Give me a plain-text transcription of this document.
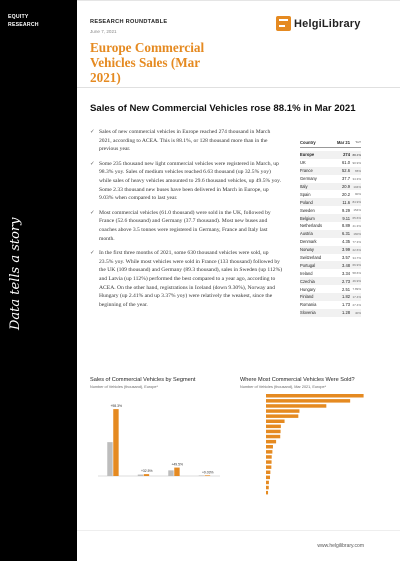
EQUITY
RESEARCH
Data tells a story
RESEARCH ROUNDTABLE
June 7, 2021
Europe Commercial Vehicles Sales (Mar 2021)
HelgiLibrary
Sales of New Commercial Vehicles rose 88.1% in Mar 2021
✓ Sales of new commercial vehicles in Europe reached 274 thousand in March 2021, according to ACEA. This is 88.1%, or 128 thousand more than in the previous year.
✓ Some 235 thousand new light commercial vehicles were registered in March, up 98.3% yoy. Sales of medium vehicles reached 6.63 thousand (up 32.5% yoy) while sales of heavy vehicles amounted to 29.6 thousand vehicles, up 49.5% yoy. Some 2.33 thousand new buses have been delivered in March in Europe, up 9.03% when compared to last year.
✓ Most commercial vehicles (61.0 thousand) were sold in the UK, followed by France (52.6 thousand) and Germany (37.7 thousand). Most new buses and coaches above 3.5 tonnes were registered in Germany, France and Italy last month.
✓ In the first three months of 2021, some 630 thousand vehicles were sold, up 23.5% yoy. While most vehicles were sold in France (133 thousand) followed by the UK (109 thousand) and Germany (89.3 thousand), sales in Sweden (up 112%) and Latvia (up 112%) performed the best compared to a year ago, according to ACEA. On the other hand, registrations in Iceland (down 9.30%), Norway and Hungary (up 2.41% and up 3.37% yoy) were relatively the weakest, since the beginning of the year.
Country	Mar 21	YoY
Europe	274 88.1%
UK	61.0 90.9%
France	52.6	65%
Germany	37.7 34.3%
Italy	20.9	104%
Spain	20.2	90%
Poland	11.6 84.9%
Sweden	9.29	154%
Belgium	9.11 65.6%
Netherlands	8.89 41.3%
Austria	6.31	160%
Denmark	4.35 77.3%
Norway	3.99 22.6%
Switzerland	3.57 34.7%
Portugal	3.48 66.9%
Ireland	3.34 58.6%
Czechia	2.73 46.9%
Hungary	2.51 7.89%
Finland	1.82 17.4%
Romania	1.73 27.4%
Slovenia	1.28	40%
Sales of Commercial Vehicles by Segment
Number of Vehicles (thousand), Europe*
+98.3%
+32.5%
+49.5%
+9.03%
Where Most Commercial Vehicles Were Sold?
Number of Vehicles (thousand), Mar 2021, Europe*
www.helgilibrary.com
